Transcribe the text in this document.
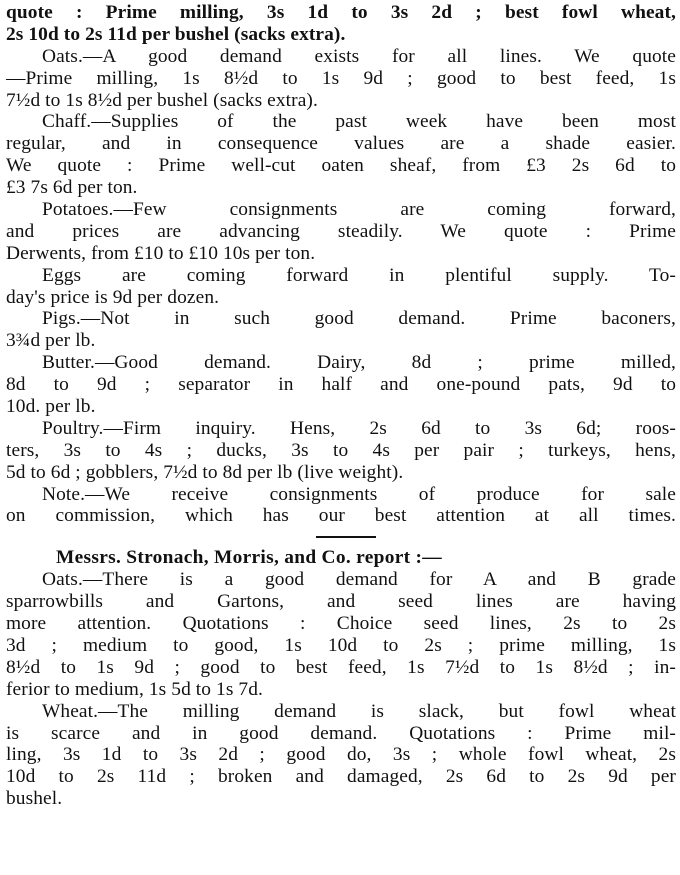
quote : Prime milling, 3s 1d to 3s 2d ; best fowl wheat,
2s 10d to 2s 11d per bushel (sacks extra).
Oats.—A good demand exists for all lines. We quote
—Prime milling, 1s 8½d to 1s 9d ; good to best feed, 1s
7½d to 1s 8½d per bushel (sacks extra).
Chaff.—Supplies of the past week have been most
regular, and in consequence values are a shade easier.
We quote : Prime well-cut oaten sheaf, from £3 2s 6d to
£3 7s 6d per ton.
Potatoes.—Few consignments are coming forward,
and prices are advancing steadily. We quote : Prime
Derwents, from £10 to £10 10s per ton.
Eggs are coming forward in plentiful supply. To-
day's price is 9d per dozen.
Pigs.—Not in such good demand. Prime baconers,
3¾d per lb.
Butter.—Good demand. Dairy, 8d ; prime milled,
8d to 9d ; separator in half and one-pound pats, 9d to
10d. per lb.
Poultry.—Firm inquiry. Hens, 2s 6d to 3s 6d; roos-
ters, 3s to 4s ; ducks, 3s to 4s per pair ; turkeys, hens,
5d to 6d ; gobblers, 7½d to 8d per lb (live weight).
Note.—We receive consignments of produce for sale
on commission, which has our best attention at all times.
Messrs. Stronach, Morris, and Co. report :—
Oats.—There is a good demand for A and B grade
sparrowbills and Gartons, and seed lines are having
more attention. Quotations : Choice seed lines, 2s to 2s
3d ; medium to good, 1s 10d to 2s ; prime milling, 1s
8½d to 1s 9d ; good to best feed, 1s 7½d to 1s 8½d ; in-
ferior to medium, 1s 5d to 1s 7d.
Wheat.—The milling demand is slack, but fowl wheat
is scarce and in good demand. Quotations : Prime mil-
ling, 3s 1d to 3s 2d ; good do, 3s ; whole fowl wheat, 2s
10d to 2s 11d ; broken and damaged, 2s 6d to 2s 9d per
bushel.
